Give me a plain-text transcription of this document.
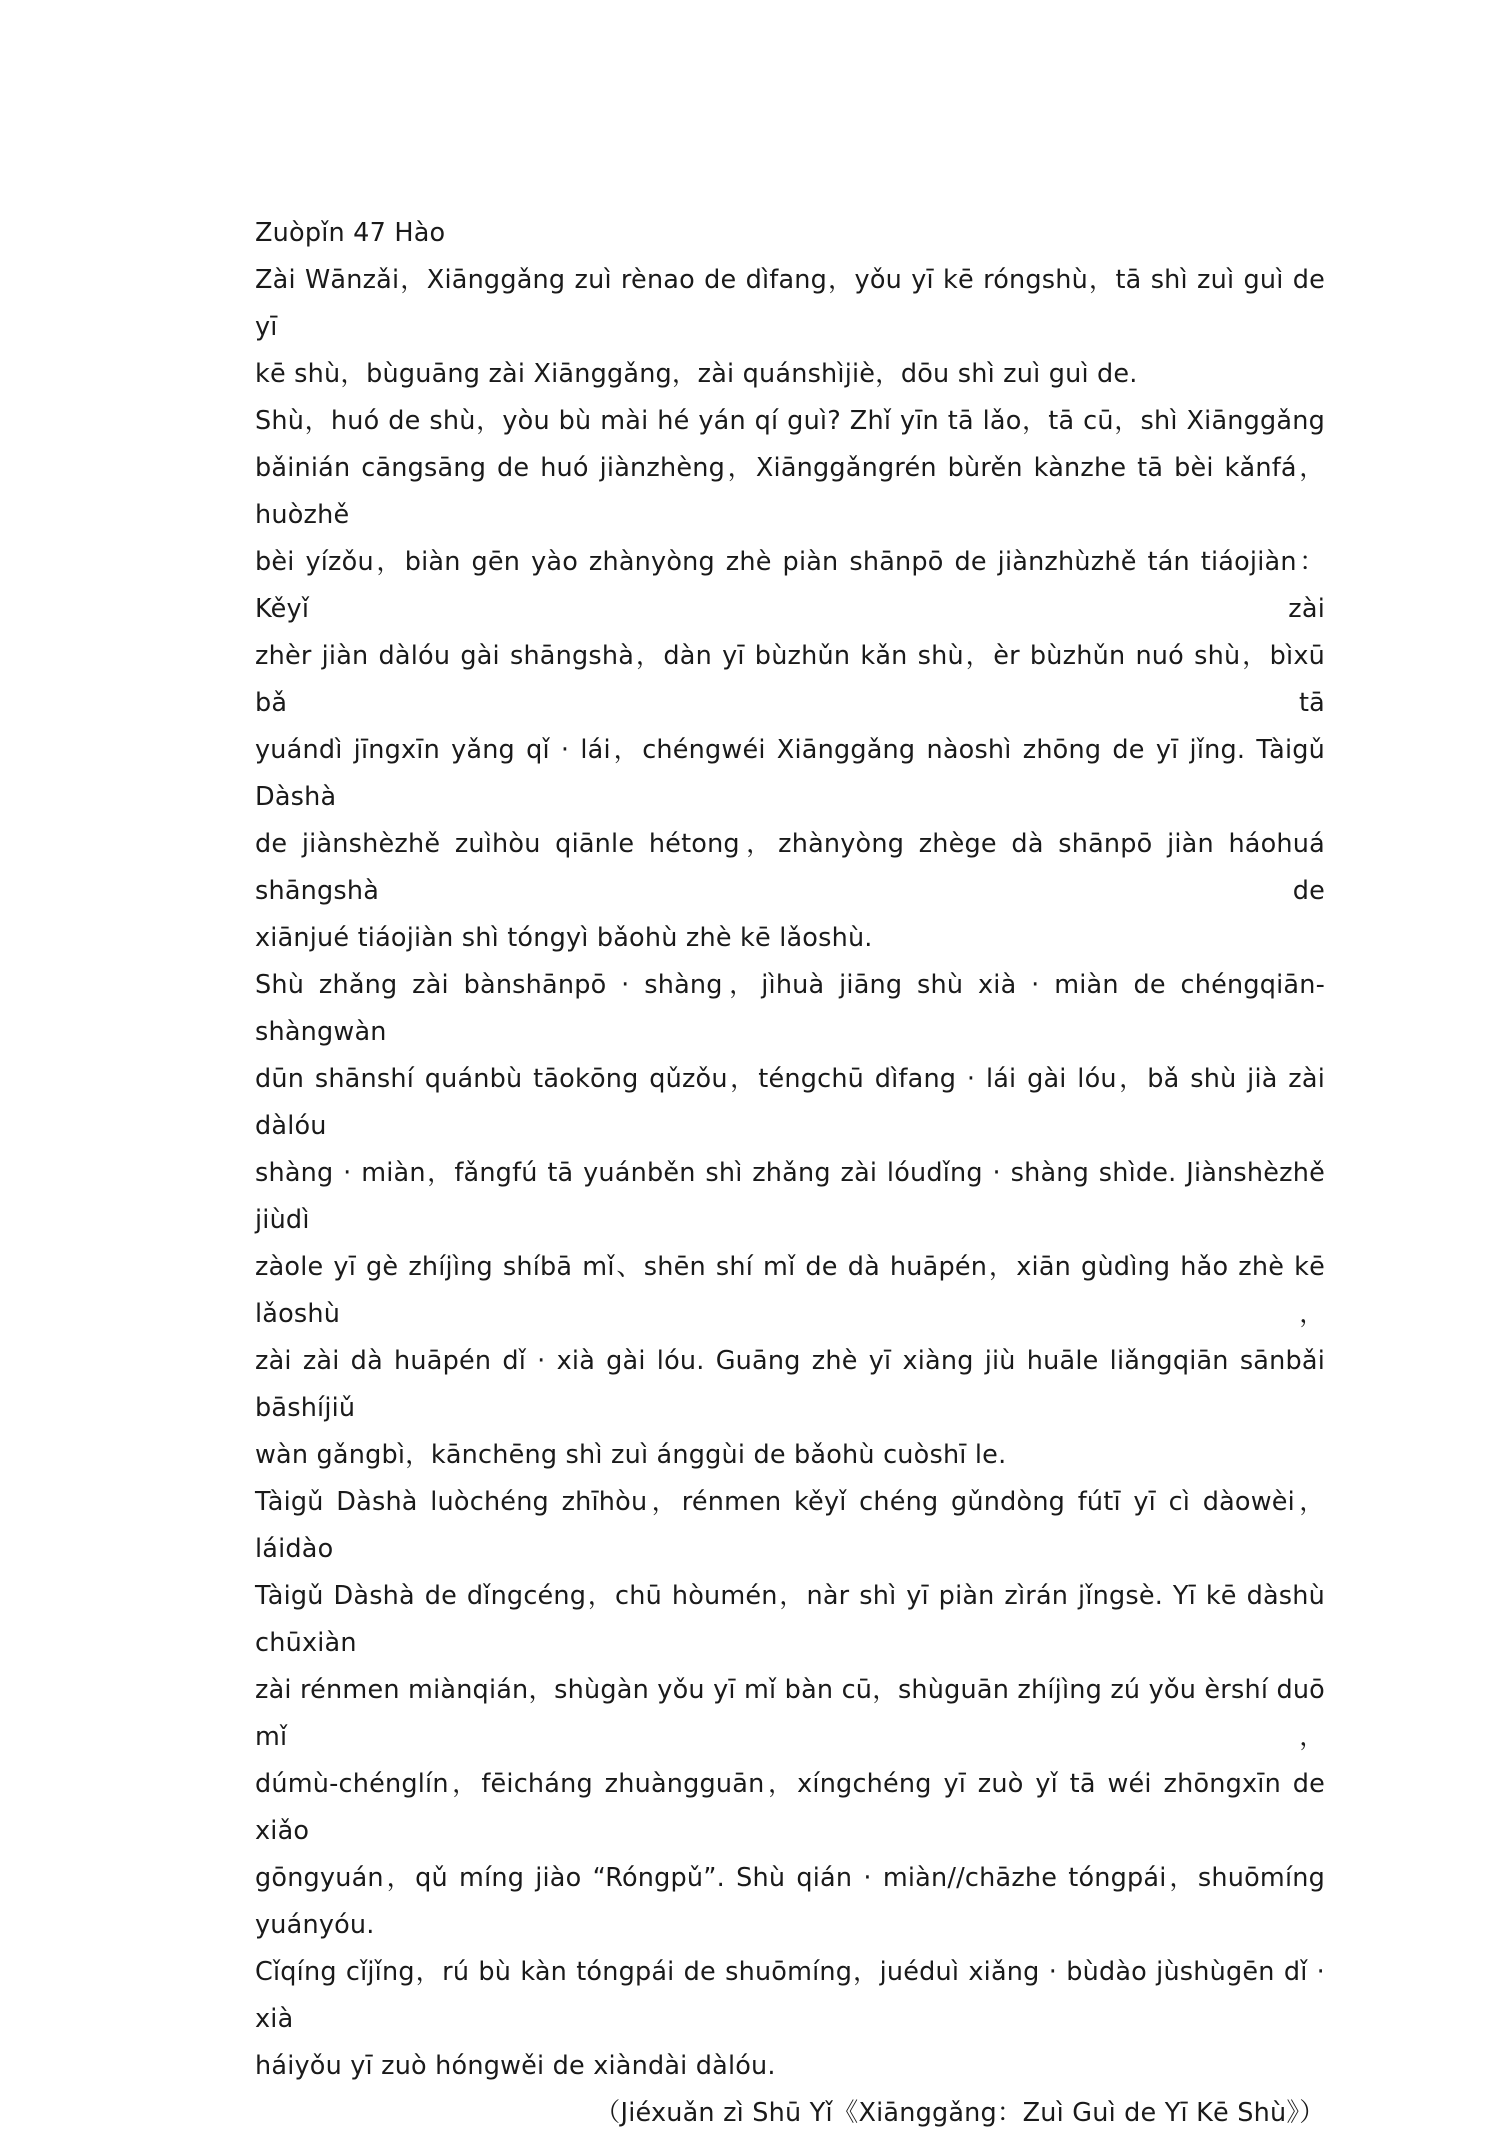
Zuòpǐn 47 Hào
Zài Wānzǎi，Xiānggǎng zuì rènao de dìfang，yǒu yī kē róngshù，tā shì zuì guì de yī
kē shù，bùguāng zài Xiānggǎng，zài quánshìjiè，dōu shì zuì guì de.
Shù，huó de shù，yòu bù mài hé yán qí guì? Zhǐ yīn tā lǎo，tā cū，shì Xiānggǎng
bǎinián cāngsāng de huó jiànzhèng，Xiānggǎngrén bùrěn kànzhe tā bèi kǎnfá，huòzhě
bèi yízǒu，biàn gēn yào zhànyòng zhè piàn shānpō de jiànzhùzhě tán tiáojiàn：Kěyǐ zài
zhèr jiàn dàlóu gài shāngshà，dàn yī bùzhǔn kǎn shù，èr bùzhǔn nuó shù，bìxū bǎ tā
yuándì jīngxīn yǎng qǐ · lái，chéngwéi Xiānggǎng nàoshì zhōng de yī jǐng. Tàigǔ Dàshà
de jiànshèzhě zuìhòu qiānle hétong，zhànyòng zhège dà shānpō jiàn háohuá shāngshà de
xiānjué tiáojiàn shì tóngyì bǎohù zhè kē lǎoshù.
Shù zhǎng zài bànshānpō · shàng，jìhuà jiāng shù xià · miàn de chéngqiān-shàngwàn
dūn shānshí quánbù tāokōng qǔzǒu，téngchū dìfang · lái gài lóu，bǎ shù jià zài dàlóu
shàng · miàn，fǎngfú tā yuánběn shì zhǎng zài lóudǐng · shàng shìde. Jiànshèzhě jiùdì
zàole yī gè zhíjìng shíbā mǐ、shēn shí mǐ de dà huāpén，xiān gùdìng hǎo zhè kē lǎoshù，
zài zài dà huāpén dǐ · xià gài lóu. Guāng zhè yī xiàng jiù huāle liǎngqiān sānbǎi bāshíjiǔ
wàn gǎngbì，kānchēng shì zuì ánggùi de bǎohù cuòshī le.
Tàigǔ Dàshà luòchéng zhīhòu，rénmen kěyǐ chéng gǔndòng fútī yī cì dàowèi，láidào
Tàigǔ Dàshà de dǐngcéng，chū hòumén，nàr shì yī piàn zìrán jǐngsè. Yī kē dàshù chūxiàn
zài rénmen miànqián，shùgàn yǒu yī mǐ bàn cū，shùguān zhíjìng zú yǒu èrshí duō mǐ，
dúmù-chénglín，fēicháng zhuàngguān，xíngchéng yī zuò yǐ tā wéi zhōngxīn de xiǎo
gōngyuán，qǔ míng jiào “Róngpǔ”. Shù qián · miàn//chāzhe tóngpái，shuōmíng yuányóu.
Cǐqíng cǐjǐng，rú bù kàn tóngpái de shuōmíng，juéduì xiǎng · bùdào jùshùgēn dǐ · xià
háiyǒu yī zuò hóngwěi de xiàndài dàlóu.
（Jiéxuǎn zì Shū Yǐ《Xiānggǎng：Zuì Guì de Yī Kē Shù》）
